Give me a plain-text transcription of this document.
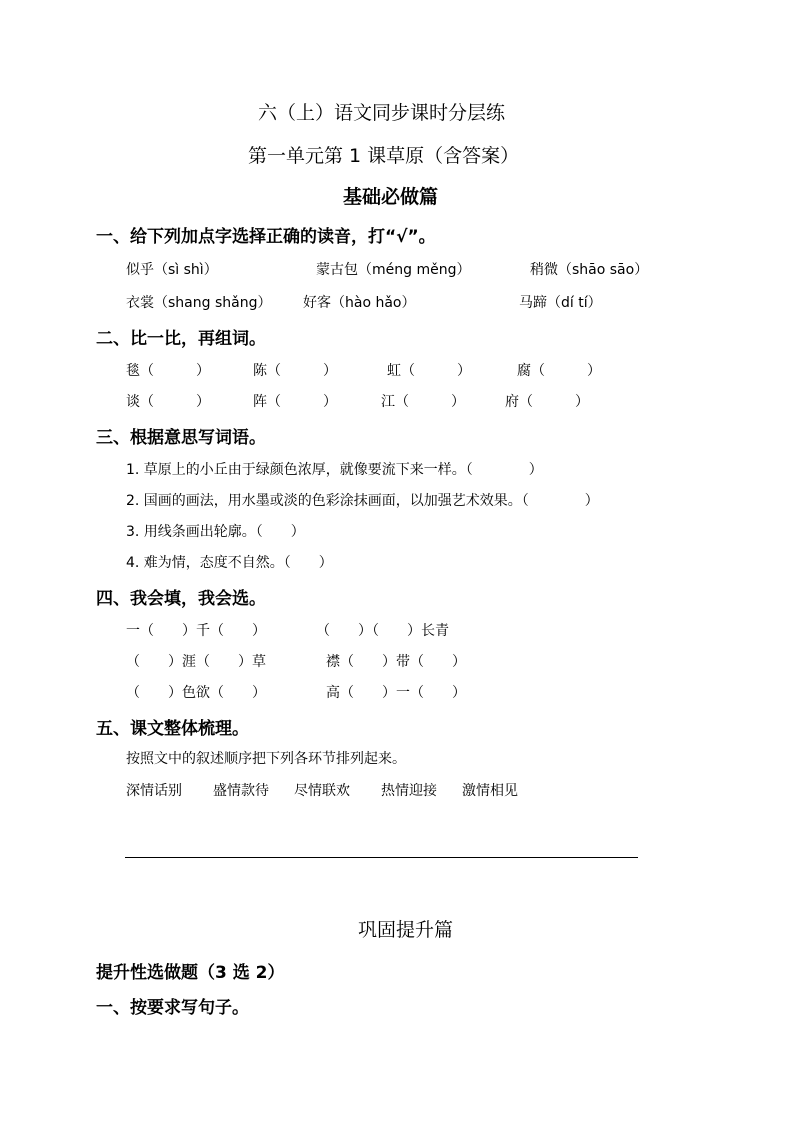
六（上）语文同步课时分层练
第一单元第 1 课草原（含答案）
基础必做篇
一、给下列加点字选择正确的读音，打“√”。
似乎（sì shì）	蒙古包（méng měng）	稍微（shāo sāo）
衣裳（shang shǎng） 好客（hào hǎo）	马蹄（dí tí）
二、比一比，再组词。
毯（　　　）	陈（　　　）	虹（　　　）	腐（　　　）
谈（　　　）	阵（　　　）	江（　　　）	府（　　　）
三、根据意思写词语。
1. 草原上的小丘由于绿颜色浓厚，就像要流下来一样。（　　　　）
2. 国画的画法，用水墨或淡的色彩涂抹画面，以加强艺术效果。（　　　　）
3. 用线条画出轮廓。（　　）
4. 难为情，态度不自然。（　　）
四、我会填，我会选。
一（　　）千（　　）	（　　）（　　）长青
（　　）涯（　　）草	襟（　　）带（　　）
（　　）色欲（　　）	高（　　）一（　　）
五、课文整体梳理。
按照文中的叙述顺序把下列各环节排列起来。
深情话别 盛情款待 尽情联欢 热情迎接 激情相见
巩固提升篇
提升性选做题（3 选 2）
一、按要求写句子。
